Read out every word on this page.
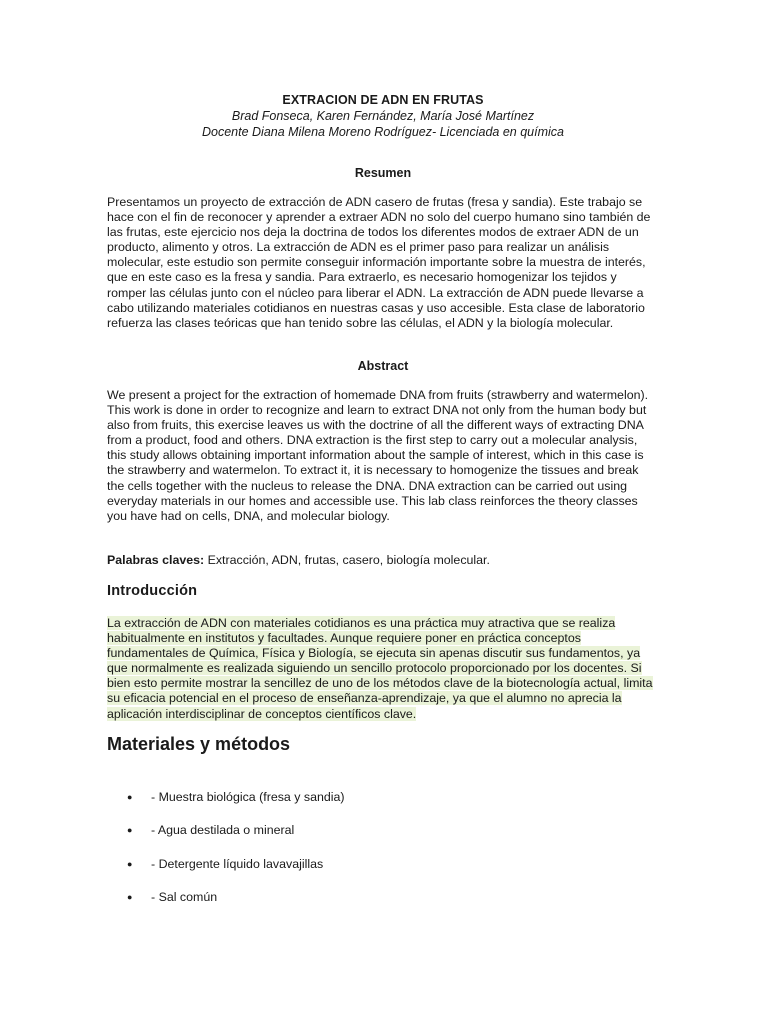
EXTRACION DE ADN EN FRUTAS

Brad Fonseca, Karen Fernández, María José Martínez

Docente Diana Milena Moreno Rodríguez- Licenciada en química

Resumen

Presentamos un proyecto de extracción de ADN casero de frutas (fresa y sandia). Este trabajo se
hace con el fin de reconocer y aprender a extraer ADN no solo del cuerpo humano sino también de
las frutas, este ejercicio nos deja la doctrina de todos los diferentes modos de extraer ADN de un
producto, alimento y otros. La extracción de ADN es el primer paso para realizar un análisis
molecular, este estudio son permite conseguir información importante sobre la muestra de interés,
que en este caso es la fresa y sandia. Para extraerlo, es necesario homogenizar los tejidos y
romper las células junto con el núcleo para liberar el ADN. La extracción de ADN puede llevarse a
cabo utilizando materiales cotidianos en nuestras casas y uso accesible. Esta clase de laboratorio
refuerza las clases teóricas que han tenido sobre las células, el ADN y la biología molecular.

Abstract

We present a project for the extraction of homemade DNA from fruits (strawberry and watermelon).
This work is done in order to recognize and learn to extract DNA not only from the human body but
also from fruits, this exercise leaves us with the doctrine of all the different ways of extracting DNA
from a product, food and others. DNA extraction is the first step to carry out a molecular analysis,
this study allows obtaining important information about the sample of interest, which in this case is
the strawberry and watermelon. To extract it, it is necessary to homogenize the tissues and break
the cells together with the nucleus to release the DNA. DNA extraction can be carried out using
everyday materials in our homes and accessible use. This lab class reinforces the theory classes
you have had on cells, DNA, and molecular biology.

Palabras claves: Extracción, ADN, frutas, casero, biología molecular.

Introducción

La extracción de ADN con materiales cotidianos es una práctica muy atractiva que se realiza
habitualmente en institutos y facultades. Aunque requiere poner en práctica conceptos
fundamentales de Química, Física y Biología, se ejecuta sin apenas discutir sus fundamentos, ya
que normalmente es realizada siguiendo un sencillo protocolo proporcionado por los docentes. Si
bien esto permite mostrar la sencillez de uno de los métodos clave de la biotecnología actual, limita
su eficacia potencial en el proceso de enseñanza-aprendizaje, ya que el alumno no aprecia la
aplicación interdisciplinar de conceptos científicos clave.

Materiales y métodos

●	- Muestra biológica (fresa y sandia)
●	- Agua destilada o mineral
●	- Detergente líquido lavavajillas
●	- Sal común
